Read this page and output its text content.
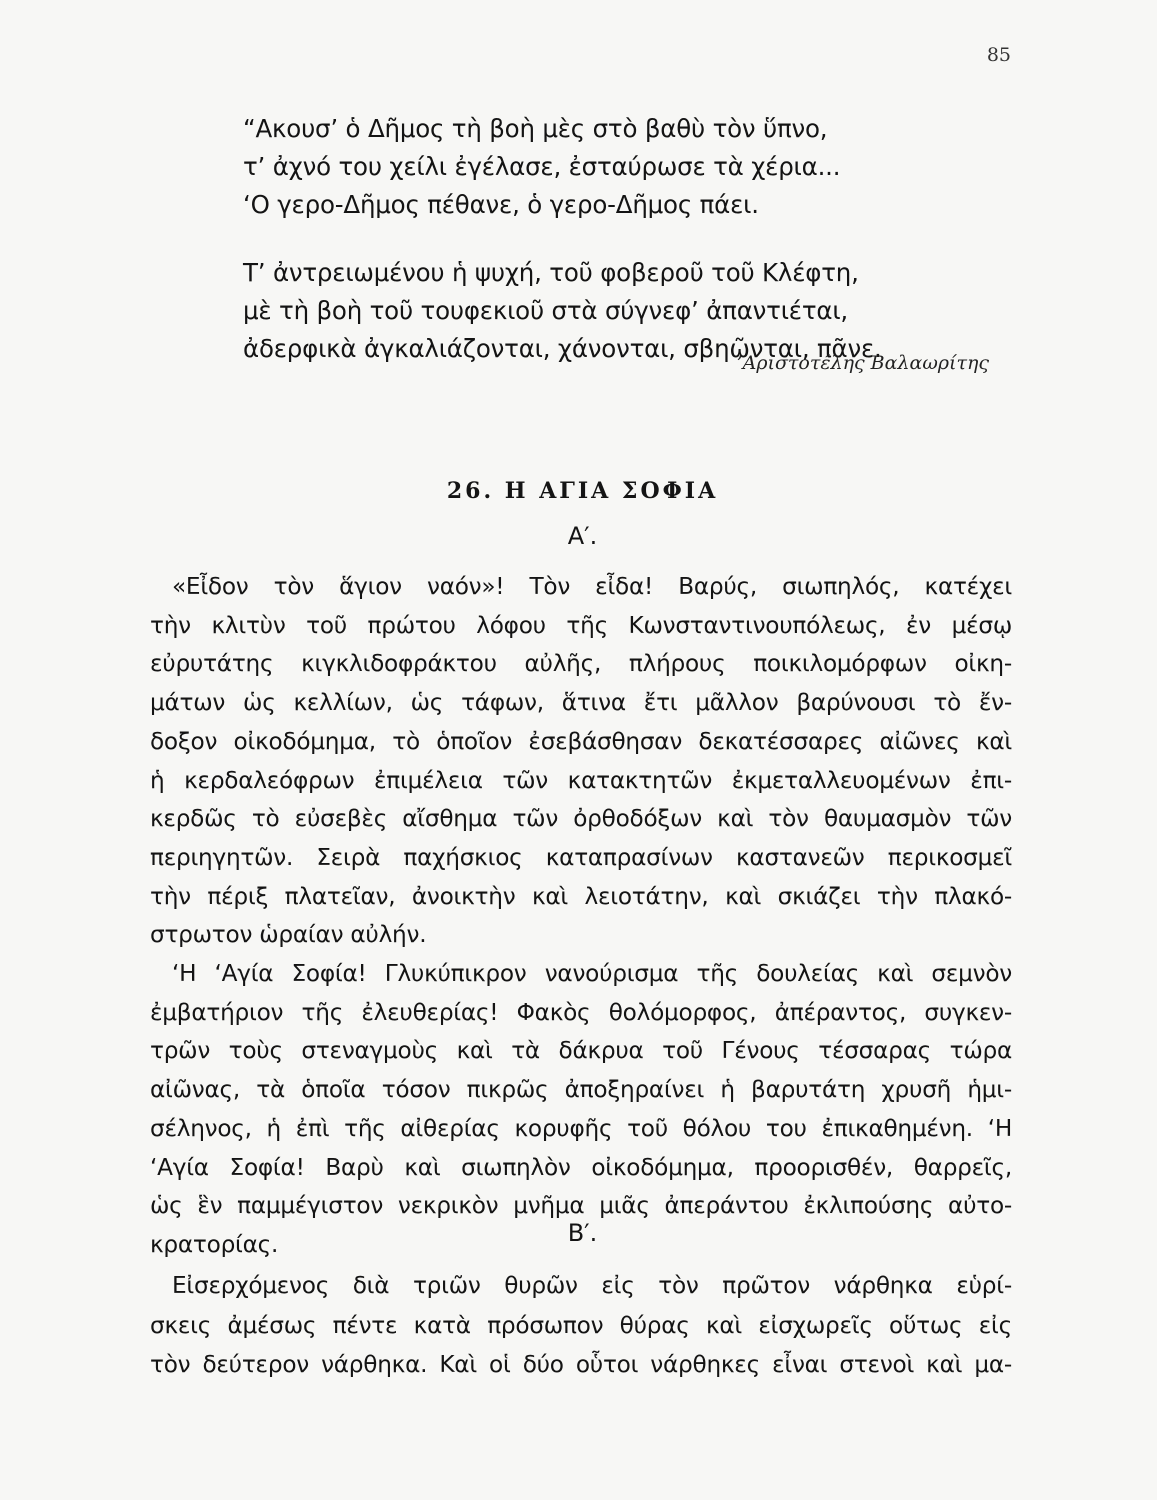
85
“Ακουσ’ ὁ Δῆμος τὴ βοὴ μὲς στὸ βαθὺ τὸν ὕπνο,
τ’ ἀχνό του χείλι ἐγέλασε, ἐσταύρωσε τὰ χέρια...
‘Ο γερο-Δῆμος πέθανε, ὁ γερο-Δῆμος πάει.
Τ’ ἀντρειωμένου ἡ ψυχή, τοῦ φοβεροῦ τοῦ Κλέφτη,
μὲ τὴ βοὴ τοῦ τουφεκιοῦ στὰ σύγνεφ’ ἀπαντιέται,
ἀδερφικὰ ἀγκαλιάζονται, χάνονται, σβηῶνται, πᾶνε.
’Αριστοτέλης Βαλαωρίτης
26. Η ΑΓΙΑ ΣΟΦΙΑ
Α′.
«Εἶδον τὸν ἅγιον ναόν»! Τὸν εἶδα! Βαρύς, σιωπηλός, κατέχει
τὴν κλιτὺν τοῦ πρώτου λόφου τῆς Κωνσταντινουπόλεως, ἐν μέσῳ
εὐρυτάτης κιγκλιδοφράκτου αὐλῆς, πλήρους ποικιλομόρφων οἰκη-
μάτων ὡς κελλίων, ὡς τάφων, ἅτινα ἔτι μᾶλλον βαρύνουσι τὸ ἔν-
δοξον οἰκοδόμημα, τὸ ὁποῖον ἐσεβάσθησαν δεκατέσσαρες αἰῶνες καὶ
ἡ κερδαλεόφρων ἐπιμέλεια τῶν κατακτητῶν ἐκμεταλλευομένων ἐπι-
κερδῶς τὸ εὐσεβὲς αἴσθημα τῶν ὀρθοδόξων καὶ τὸν θαυμασμὸν τῶν
περιηγητῶν. Σειρὰ παχήσκιος καταπρασίνων καστανεῶν περικοσμεῖ
τὴν πέριξ πλατεῖαν, ἀνοικτὴν καὶ λειοτάτην, καὶ σκιάζει τὴν πλακό-
στρωτον ὡραίαν αὐλήν.
‘Η ‘Αγία Σοφία! Γλυκύπικρον νανούρισμα τῆς δουλείας καὶ σεμνὸν
ἐμβατήριον τῆς ἐλευθερίας! Φακὸς θολόμορφος, ἀπέραντος, συγκεν-
τρῶν τοὺς στεναγμοὺς καὶ τὰ δάκρυα τοῦ Γένους τέσσαρας τώρα
αἰῶνας, τὰ ὁποῖα τόσον πικρῶς ἀποξηραίνει ἡ βαρυτάτη χρυσῆ ἡμι-
σέληνος, ἡ ἐπὶ τῆς αἰθερίας κορυφῆς τοῦ θόλου του ἐπικαθημένη. ‘Η
‘Αγία Σοφία! Βαρὺ καὶ σιωπηλὸν οἰκοδόμημα, προορισθέν, θαρρεῖς,
ὡς ἓν παμμέγιστον νεκρικὸν μνῆμα μιᾶς ἀπεράντου ἐκλιπούσης αὐτο-
κρατορίας.	Β′.
Εἰσερχόμενος διὰ τριῶν θυρῶν εἰς τὸν πρῶτον νάρθηκα εὑρί-
σκεις ἀμέσως πέντε κατὰ πρόσωπον θύρας καὶ εἰσχωρεῖς οὕτως εἰς
τὸν δεύτερον νάρθηκα. Καὶ οἱ δύο οὗτοι νάρθηκες εἶναι στενοὶ καὶ μα-
